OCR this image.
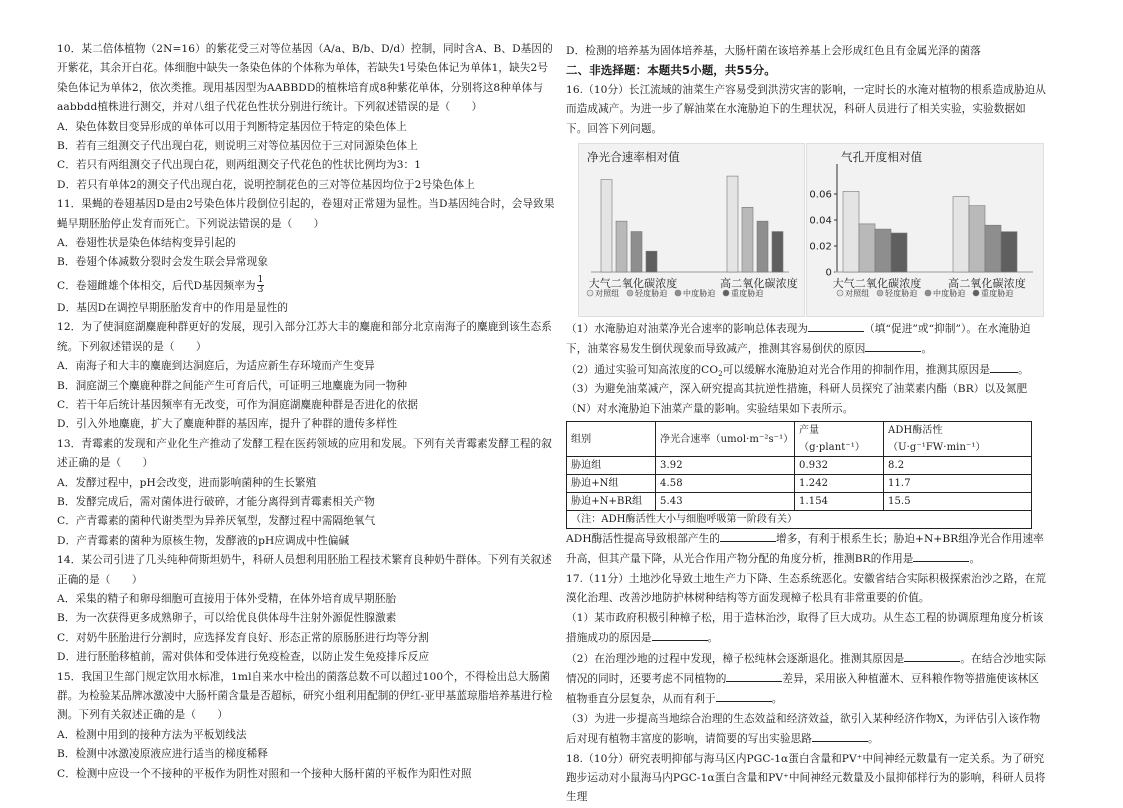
10．某二倍体植物（2N=16）的紫花受三对等位基因（A/a、B/b、D/d）控制，同时含A、B、D基因的开紫花，其余开白花。体细胞中缺失一条染色体的个体称为单体，若缺失1号染色体记为单体1，缺失2号染色体记为单体2，依次类推。现用基因型为AABBDD的植株培育成8种紫花单体，分别将这8种单体与aabbdd植株进行测交，并对八组子代花色性状分别进行统计。下列叙述错误的是（　　）

A．染色体数目变异形成的单体可以用于判断特定基因位于特定的染色体上

B．若有三组测交子代出现白花，则说明三对等位基因位于三对同源染色体上

C．若只有两组测交子代出现白花，则两组测交子代花色的性状比例均为3：1

D．若只有单体2的测交子代出现白花，说明控制花色的三对等位基因均位于2号染色体上

11．果蝇的卷翅基因D是由2号染色体片段倒位引起的，卷翅对正常翅为显性。当D基因纯合时，会导致果蝇早期胚胎停止发育而死亡。下列说法错误的是（　　）

A．卷翅性状是染色体结构变异引起的

B．卷翅个体减数分裂时会发生联会异常现象

C．卷翅雌雄个体相交，后代D基因频率为 $\frac{1}{3}$

D．基因D在调控早期胚胎发育中的作用是显性的

12．为了使洞庭湖麋鹿种群更好的发展，现引入部分江苏大丰的麋鹿和部分北京南海子的麋鹿到该生态系统。下列叙述错误的是（　　）

A．南海子和大丰的麋鹿到达洞庭后，为适应新生存环境而产生变异

B．洞庭湖三个麋鹿种群之间能产生可育后代，可证明三地麋鹿为同一物种

C．若干年后统计基因频率有无改变，可作为洞庭湖麋鹿种群是否进化的依据

D．引入外地麋鹿，扩大了麋鹿种群的基因库，提升了种群的遗传多样性

13．青霉素的发现和产业化生产推动了发酵工程在医药领域的应用和发展。下列有关青霉素发酵工程的叙述正确的是（　　）

A．发酵过程中，pH会改变，进而影响菌种的生长繁殖

B．发酵完成后，需对菌体进行破碎，才能分离得到青霉素相关产物

C．产青霉素的菌种代谢类型为异养厌氧型，发酵过程中需隔绝氧气

D．产青霉素的菌种为原核生物，发酵液的pH应调成中性偏碱

14．某公司引进了几头纯种荷斯坦奶牛，科研人员想利用胚胎工程技术繁育良种奶牛群体。下列有关叙述正确的是（　　）

A．采集的精子和卵母细胞可直接用于体外受精，在体外培育成早期胚胎

B．为一次获得更多成熟卵子，可以给优良供体母牛注射外源促性腺激素

C．对奶牛胚胎进行分割时，应选择发育良好、形态正常的原肠胚进行均等分割

D．进行胚胎移植前，需对供体和受体进行免疫检查，以防止发生免疫排斥反应

15．我国卫生部门规定饮用水标准，1ml自来水中检出的菌落总数不可以超过100个，不得检出总大肠菌群。为检验某品牌冰激凌中大肠杆菌含量是否超标，研究小组利用配制的伊红-亚甲基蓝琼脂培养基进行检测。下列有关叙述正确的是（　　）

A．检测中用到的接种方法为平板划线法

B．检测中冰激凌原液应进行适当的梯度稀释

C．检测中应设一个不接种的平板作为阴性对照和一个接种大肠杆菌的平板作为阳性对照

D．检测的培养基为固体培养基，大肠杆菌在该培养基上会形成红色且有金属光泽的菌落

二、非选择题：本题共5小题，共55分。

16.（10分）长江流域的油菜生产容易受到洪涝灾害的影响，一定时长的水淹对植物的根系造成胁迫从而造成减产。为进一步了解油菜在水淹胁迫下的生理状况，科研人员进行了相关实验，实验数据如下。回答下列问题。

净光合速率相对值
大气二氧化碳浓度	高二氧化碳浓度
对照组 轻度胁迫 中度胁迫 重度胁迫
气孔开度相对值
0
0.02
0.04
0.06
大气二氧化碳浓度 高二氧化碳浓度
对照组 轻度胁迫 中度胁迫 重度胁迫

（1）水淹胁迫对油菜净光合速率的影响总体表现为	（填“促进”或“抑制”）。在水淹胁迫下，油菜容易发生倒伏现象而导致减产，推测其容易倒伏的原因	。

（2）通过实验可知高浓度的$CO_2$可以缓解水淹胁迫对光合作用的抑制作用，推测其原因是	。

（3）为避免油菜减产，深入研究提高其抗逆性措施，科研人员探究了油菜素内酯（BR）以及氮肥（N）对水淹胁迫下油菜产量的影响。实验结果如下表所示。

组别	净光合速率（umol·m⁻²s⁻¹）	产量（g·plant⁻¹）	ADH酶活性（U·g⁻¹FW·min⁻¹）
胁迫组	3.92	0.932	8.2
胁迫+N组	4.58	1.242	11.7
胁迫+N+BR组	5.43	1.154	15.5
（注：ADH酶活性大小与细胞呼吸第一阶段有关）			

ADH酶活性提高导致根部产生的	增多，有利于根系生长；胁迫+N+BR组净光合作用速率升高，但其产量下降，从光合作用产物分配的角度分析，推测BR的作用是	。

17.（11分）土地沙化导致土地生产力下降、生态系统恶化。安徽省结合实际积极探索治沙之路，在荒漠化治理、改善沙地防护林树种结构等方面发现樟子松具有非常重要的价值。

（1）某市政府积极引种樟子松，用于造林治沙，取得了巨大成功。从生态工程的协调原理角度分析该措施成功的原因是	。

（2）在治理沙地的过程中发现，樟子松纯林会逐渐退化。推测其原因是	。在结合沙地实际情况的同时，还要考虑不同植物的	差异，采用嵌入种植灌木、豆科粮作物等措施使该林区植物垂直分层复杂，从而有利于	。

（3）为进一步提高当地综合治理的生态效益和经济效益，欲引入某种经济作物X，为评估引入该作物后对现有植物丰富度的影响，请简要的写出实验思路	。

18.（10分）研究表明抑郁与海马区内PGC-1α蛋白含量和PV⁺中间神经元数量有一定关系。为了研究跑步运动对小鼠海马内PGC-1α蛋白含量和PV⁺中间神经元数量及小鼠抑郁样行为的影响，科研人员将生理
